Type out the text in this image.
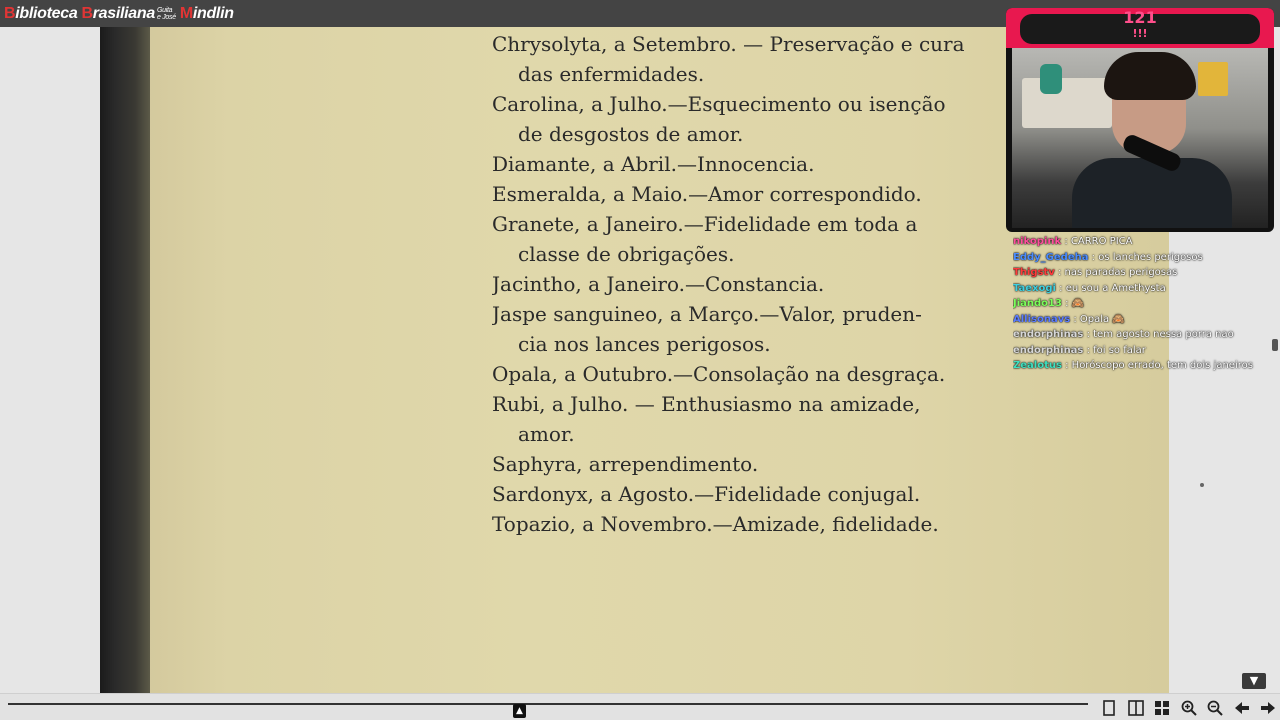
B iblioteca B rasiliana Guita
e José M indlin
Chrysolyta, a Setembro. — Preservação e cura
das enfermidades.
Carolina, a Julho.—Esquecimento ou isenção
de desgostos de amor.
Diamante, a Abril.—Innocencia.
Esmeralda, a Maio.—Amor correspondido.
Granete, a Janeiro.—Fidelidade em toda a
classe de obrigações.
Jacintho, a Janeiro.—Constancia.
Jaspe sanguineo, a Março.—Valor, pruden-
cia nos lances perigosos.
Opala, a Outubro.—Consolação na desgraça.
Rubi, a Julho. — Enthusiasmo na amizade,
amor.
Saphyra, arrependimento.
Sardonyx, a Agosto.—Fidelidade conjugal.
Topazio, a Novembro.—Amizade, fidelidade.
▼
121
!!!
nikopink : CARRO PICA
Eddy_Gedeha : os lanches perigosos
Thigstv : nas paradas perigosas
Taexogi : eu sou a Amethysta
Jiando13 : 🙈
Allisonavs : Opala 🙈
endorphinas : tem agosto nessa porra nao
endorphinas : foi so falar
Zealotus : Horóscopo errado, tem dois janeiros
▲
